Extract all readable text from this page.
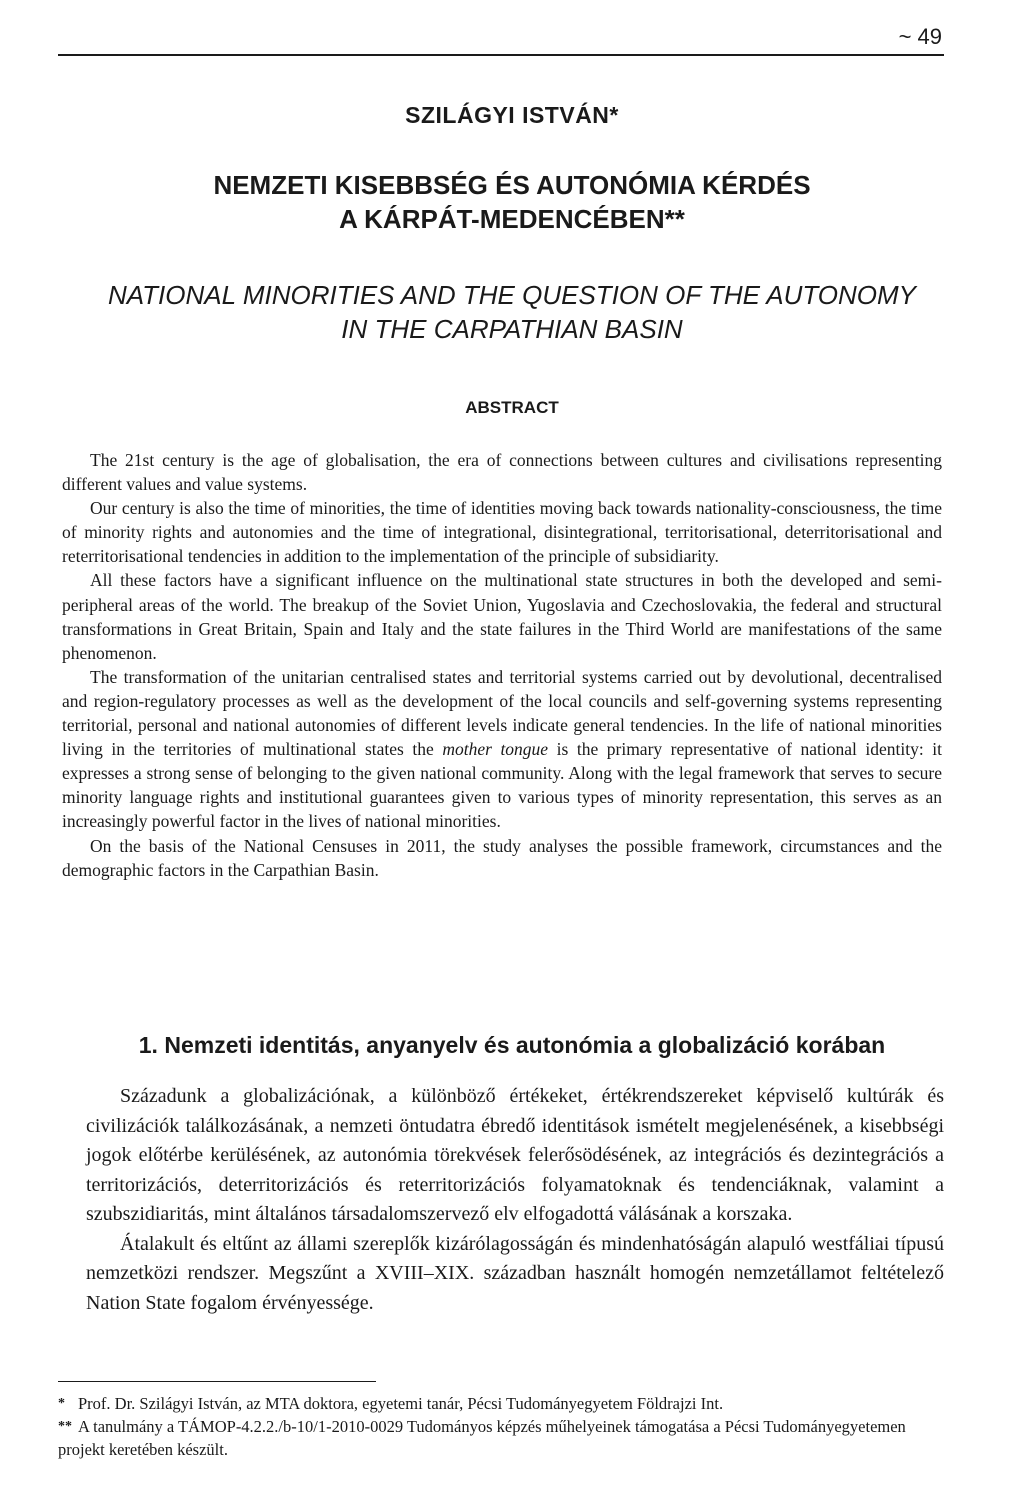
~ 49
SZILÁGYI ISTVÁN*
NEMZETI KISEBBSÉG ÉS AUTONÓMIA KÉRDÉS
A KÁRPÁT-MEDENCÉBEN**
NATIONAL MINORITIES AND THE QUESTION OF THE AUTONOMY
IN THE CARPATHIAN BASIN
ABSTRACT

The 21st century is the age of globalisation, the era of connections between cultures and civilisations representing different values and value systems.

Our century is also the time of minorities, the time of identities moving back towards nationality-consciousness, the time of minority rights and autonomies and the time of integrational, disintegrational, territorisational, deterritorisational and reterritorisational tendencies in addition to the implementation of the principle of subsidiarity.

All these factors have a significant influence on the multinational state structures in both the developed and semi-peripheral areas of the world. The breakup of the Soviet Union, Yugoslavia and Czechoslovakia, the federal and structural transformations in Great Britain, Spain and Italy and the state failures in the Third World are manifestations of the same phenomenon.

The transformation of the unitarian centralised states and territorial systems carried out by devolutional, decentralised and region-regulatory processes as well as the development of the local councils and self-governing systems representing territorial, personal and national autonomies of different levels indicate general tendencies. In the life of national minorities living in the territories of multinational states the mother tongue is the primary representative of national identity: it expresses a strong sense of belonging to the given national community. Along with the legal framework that serves to secure minority language rights and institutional guarantees given to various types of minority representation, this serves as an increasingly powerful factor in the lives of national minorities.

On the basis of the National Censuses in 2011, the study analyses the possible framework, circumstances and the demographic factors in the Carpathian Basin.

1. Nemzeti identitás, anyanyelv és autonómia a globalizáció korában

Századunk a globalizációnak, a különböző értékeket, értékrendszereket képviselő kultúrák és civilizációk találkozásának, a nemzeti öntudatra ébredő identitások ismételt megjelenésének, a kisebbségi jogok előtérbe kerülésének, az autonómia törekvések felerősödésének, az integrációs és dezintegrációs a territorizációs, deterritorizációs és reterritorizációs folyamatoknak és tendenciáknak, valamint a szubszidiaritás, mint általános társadalomszervező elv elfogadottá válásának a korszaka.

Átalakult és eltűnt az állami szereplők kizárólagosságán és mindenhatóságán alapuló westfáliai típusú nemzetközi rendszer. Megszűnt a XVIII–XIX. században használt homogén nemzetállamot feltételező Nation State fogalom érvényessége.

* Prof. Dr. Szilágyi István, az MTA doktora, egyetemi tanár, Pécsi Tudományegyetem Földrajzi Int.
** A tanulmány a TÁMOP-4.2.2./b-10/1-2010-0029 Tudományos képzés műhelyeinek támogatása a Pécsi Tudományegyetemen projekt keretében készült.
